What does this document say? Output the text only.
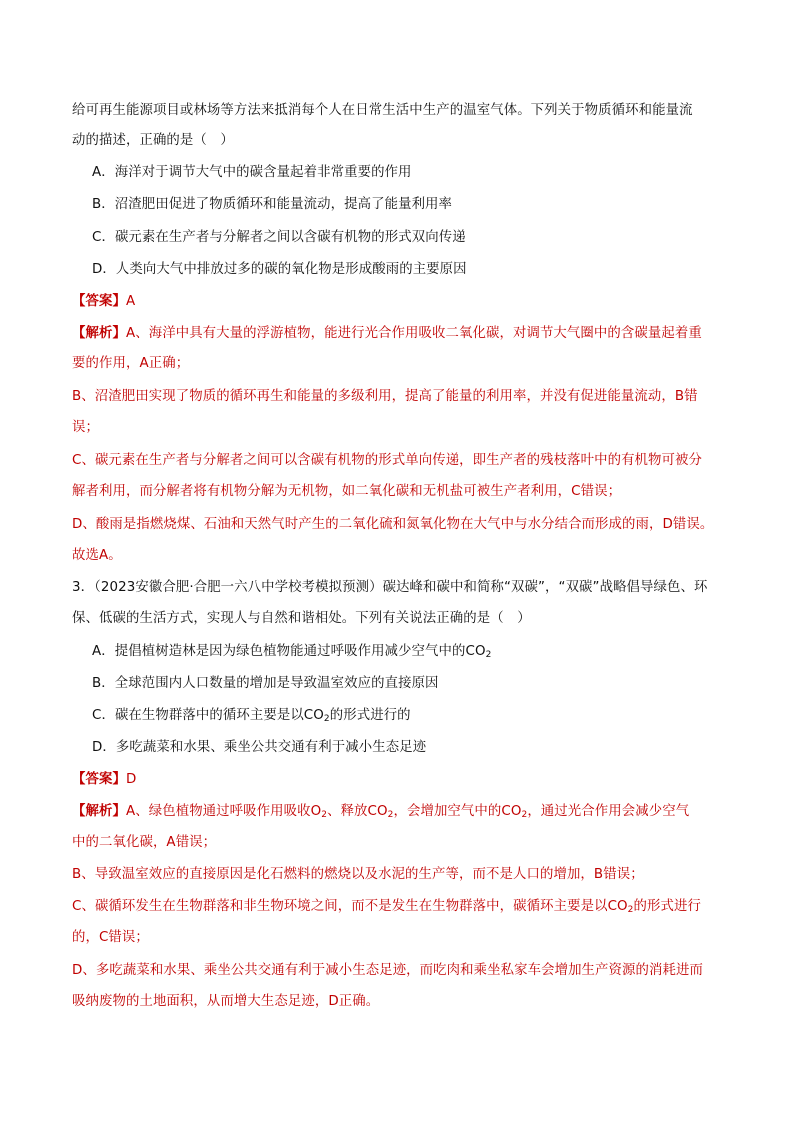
给可再生能源项目或林场等方法来抵消每个人在日常生活中生产的温室气体。下列关于物质循环和能量流
动的描述，正确的是（　）
A．海洋对于调节大气中的碳含量起着非常重要的作用
B．沼渣肥田促进了物质循环和能量流动，提高了能量利用率
C．碳元素在生产者与分解者之间以含碳有机物的形式双向传递
D．人类向大气中排放过多的碳的氧化物是形成酸雨的主要原因
【答案】A
【解析】A、海洋中具有大量的浮游植物，能进行光合作用吸收二氧化碳，对调节大气圈中的含碳量起着重
要的作用，A正确；
B、沼渣肥田实现了物质的循环再生和能量的多级利用，提高了能量的利用率，并没有促进能量流动，B错
误；
C、碳元素在生产者与分解者之间可以含碳有机物的形式单向传递，即生产者的残枝落叶中的有机物可被分
解者利用，而分解者将有机物分解为无机物，如二氧化碳和无机盐可被生产者利用，C错误；
D、酸雨是指燃烧煤、石油和天然气时产生的二氧化硫和氮氧化物在大气中与水分结合而形成的雨，D错误。
故选A。
3．（2023安徽合肥·合肥一六八中学校考模拟预测）碳达峰和碳中和简称“双碳”，“双碳”战略倡导绿色、环
保、低碳的生活方式，实现人与自然和谐相处。下列有关说法正确的是（　）
A．提倡植树造林是因为绿色植物能通过呼吸作用减少空气中的$CO_2$
B．全球范围内人口数量的增加是导致温室效应的直接原因
C．碳在生物群落中的循环主要是以$CO_2$的形式进行的
D．多吃蔬菜和水果、乘坐公共交通有利于减小生态足迹
【答案】D
【解析】A、绿色植物通过呼吸作用吸收$O_2$、释放$CO_2$，会增加空气中的$CO_2$，通过光合作用会减少空气
中的二氧化碳，A错误；
B、导致温室效应的直接原因是化石燃料的燃烧以及水泥的生产等，而不是人口的增加，B错误；
C、碳循环发生在生物群落和非生物环境之间，而不是发生在生物群落中，碳循环主要是以$CO_2$的形式进行
的，C错误；
D、多吃蔬菜和水果、乘坐公共交通有利于减小生态足迹，而吃肉和乘坐私家车会增加生产资源的消耗进而
吸纳废物的土地面积，从而增大生态足迹，D正确。
